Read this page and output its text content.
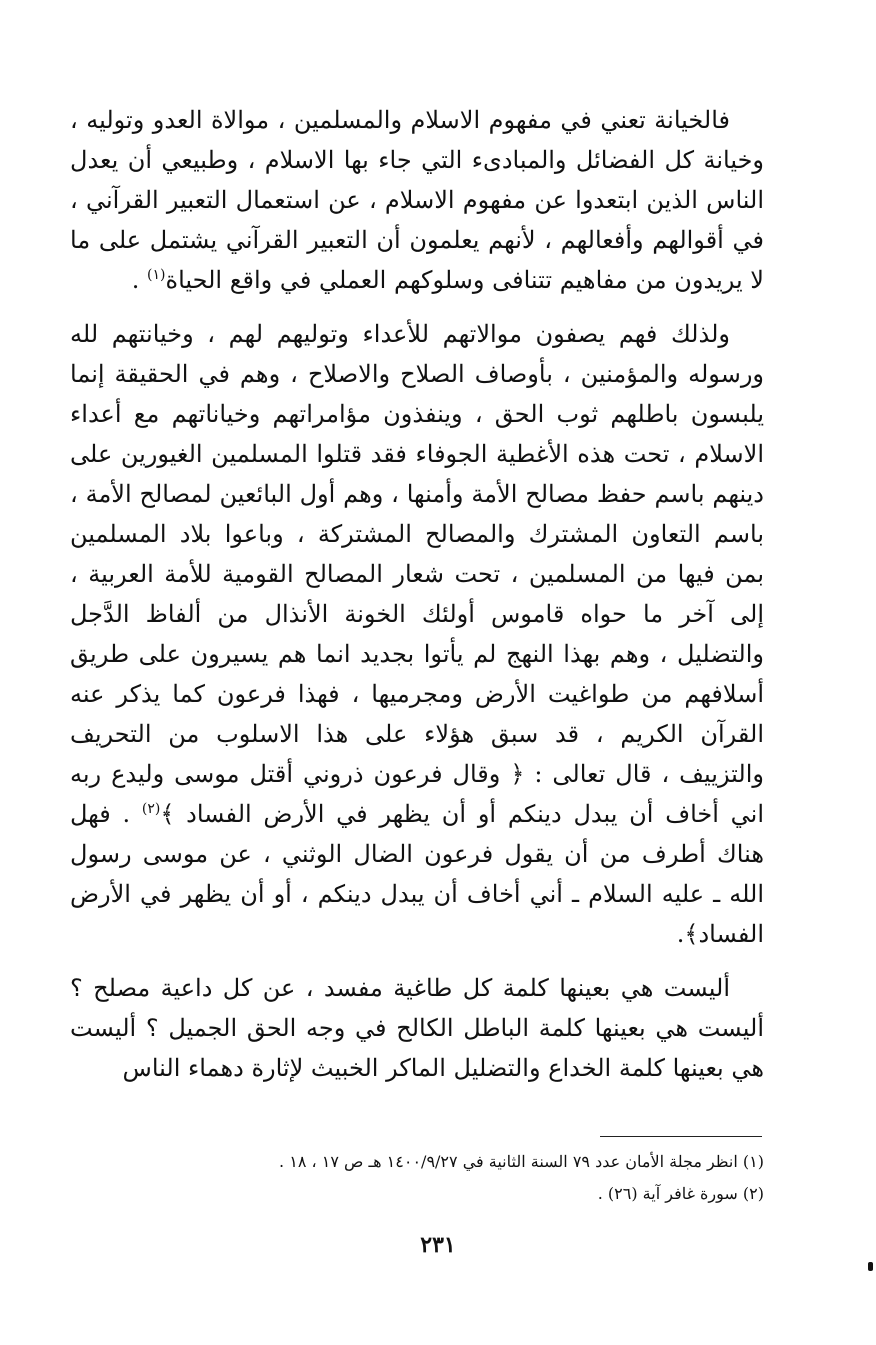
فالخيانة تعني في مفهوم الاسلام والمسلمين ، موالاة العدو وتوليه ، وخيانة كل الفضائل والمبادىء التي جاء بها الاسلام ، وطبيعي أن يعدل الناس الذين ابتعدوا عن مفهوم الاسلام ، عن استعمال التعبير القرآني ، في أقوالهم وأفعالهم ، لأنهم يعلمون أن التعبير القرآني يشتمل على ما لا يريدون من مفاهيم تتنافى وسلوكهم العملي في واقع الحياة$^{(١)}$ .

ولذلك فهم يصفون موالاتهم للأعداء وتوليهم لهم ، وخيانتهم لله ورسوله والمؤمنين ، بأوصاف الصلاح والاصلاح ، وهم في الحقيقة إنما يلبسون باطلهم ثوب الحق ، وينفذون مؤامراتهم وخياناتهم مع أعداء الاسلام ، تحت هذه الأغطية الجوفاء فقد قتلوا المسلمين الغيورين على دينهم باسم حفظ مصالح الأمة وأمنها ، وهم أول البائعين لمصالح الأمة ، باسم التعاون المشترك والمصالح المشتركة ، وباعوا بلاد المسلمين بمن فيها من المسلمين ، تحت شعار المصالح القومية للأمة العربية ، إلى آخر ما حواه قاموس أولئك الخونة الأنذال من ألفاظ الدَّجل والتضليل ، وهم بهذا النهج لم يأتوا بجديد انما هم يسيرون على طريق أسلافهم من طواغيت الأرض ومجرميها ، فهذا فرعون كما يذكر عنه القرآن الكريم ، قد سبق هؤلاء على هذا الاسلوب من التحريف والتزييف ، قال تعالى : ﴿ وقال فرعون ذروني أقتل موسى وليدع ربه اني أخاف أن يبدل دينكم أو أن يظهر في الأرض الفساد ﴾$^{(٢)}$ . فهل هناك أطرف من أن يقول فرعون الضال الوثني ، عن موسى رسول الله ـ عليه السلام ـ أني أخاف أن يبدل دينكم ، أو أن يظهر في الأرض الفساد﴾.

أليست هي بعينها كلمة كل طاغية مفسد ، عن كل داعية مصلح ؟ أليست هي بعينها كلمة الباطل الكالح في وجه الحق الجميل ؟ أليست هي بعينها كلمة الخداع والتضليل الماكر الخبيث لإثارة دهماء الناس

(١) انظر مجلة الأمان عدد ٧٩ السنة الثانية في ١٤٠٠/٩/٢٧ هـ ص ١٧ ، ١٨ .

(٢) سورة غافر آية (٢٦) .

٢٣١
